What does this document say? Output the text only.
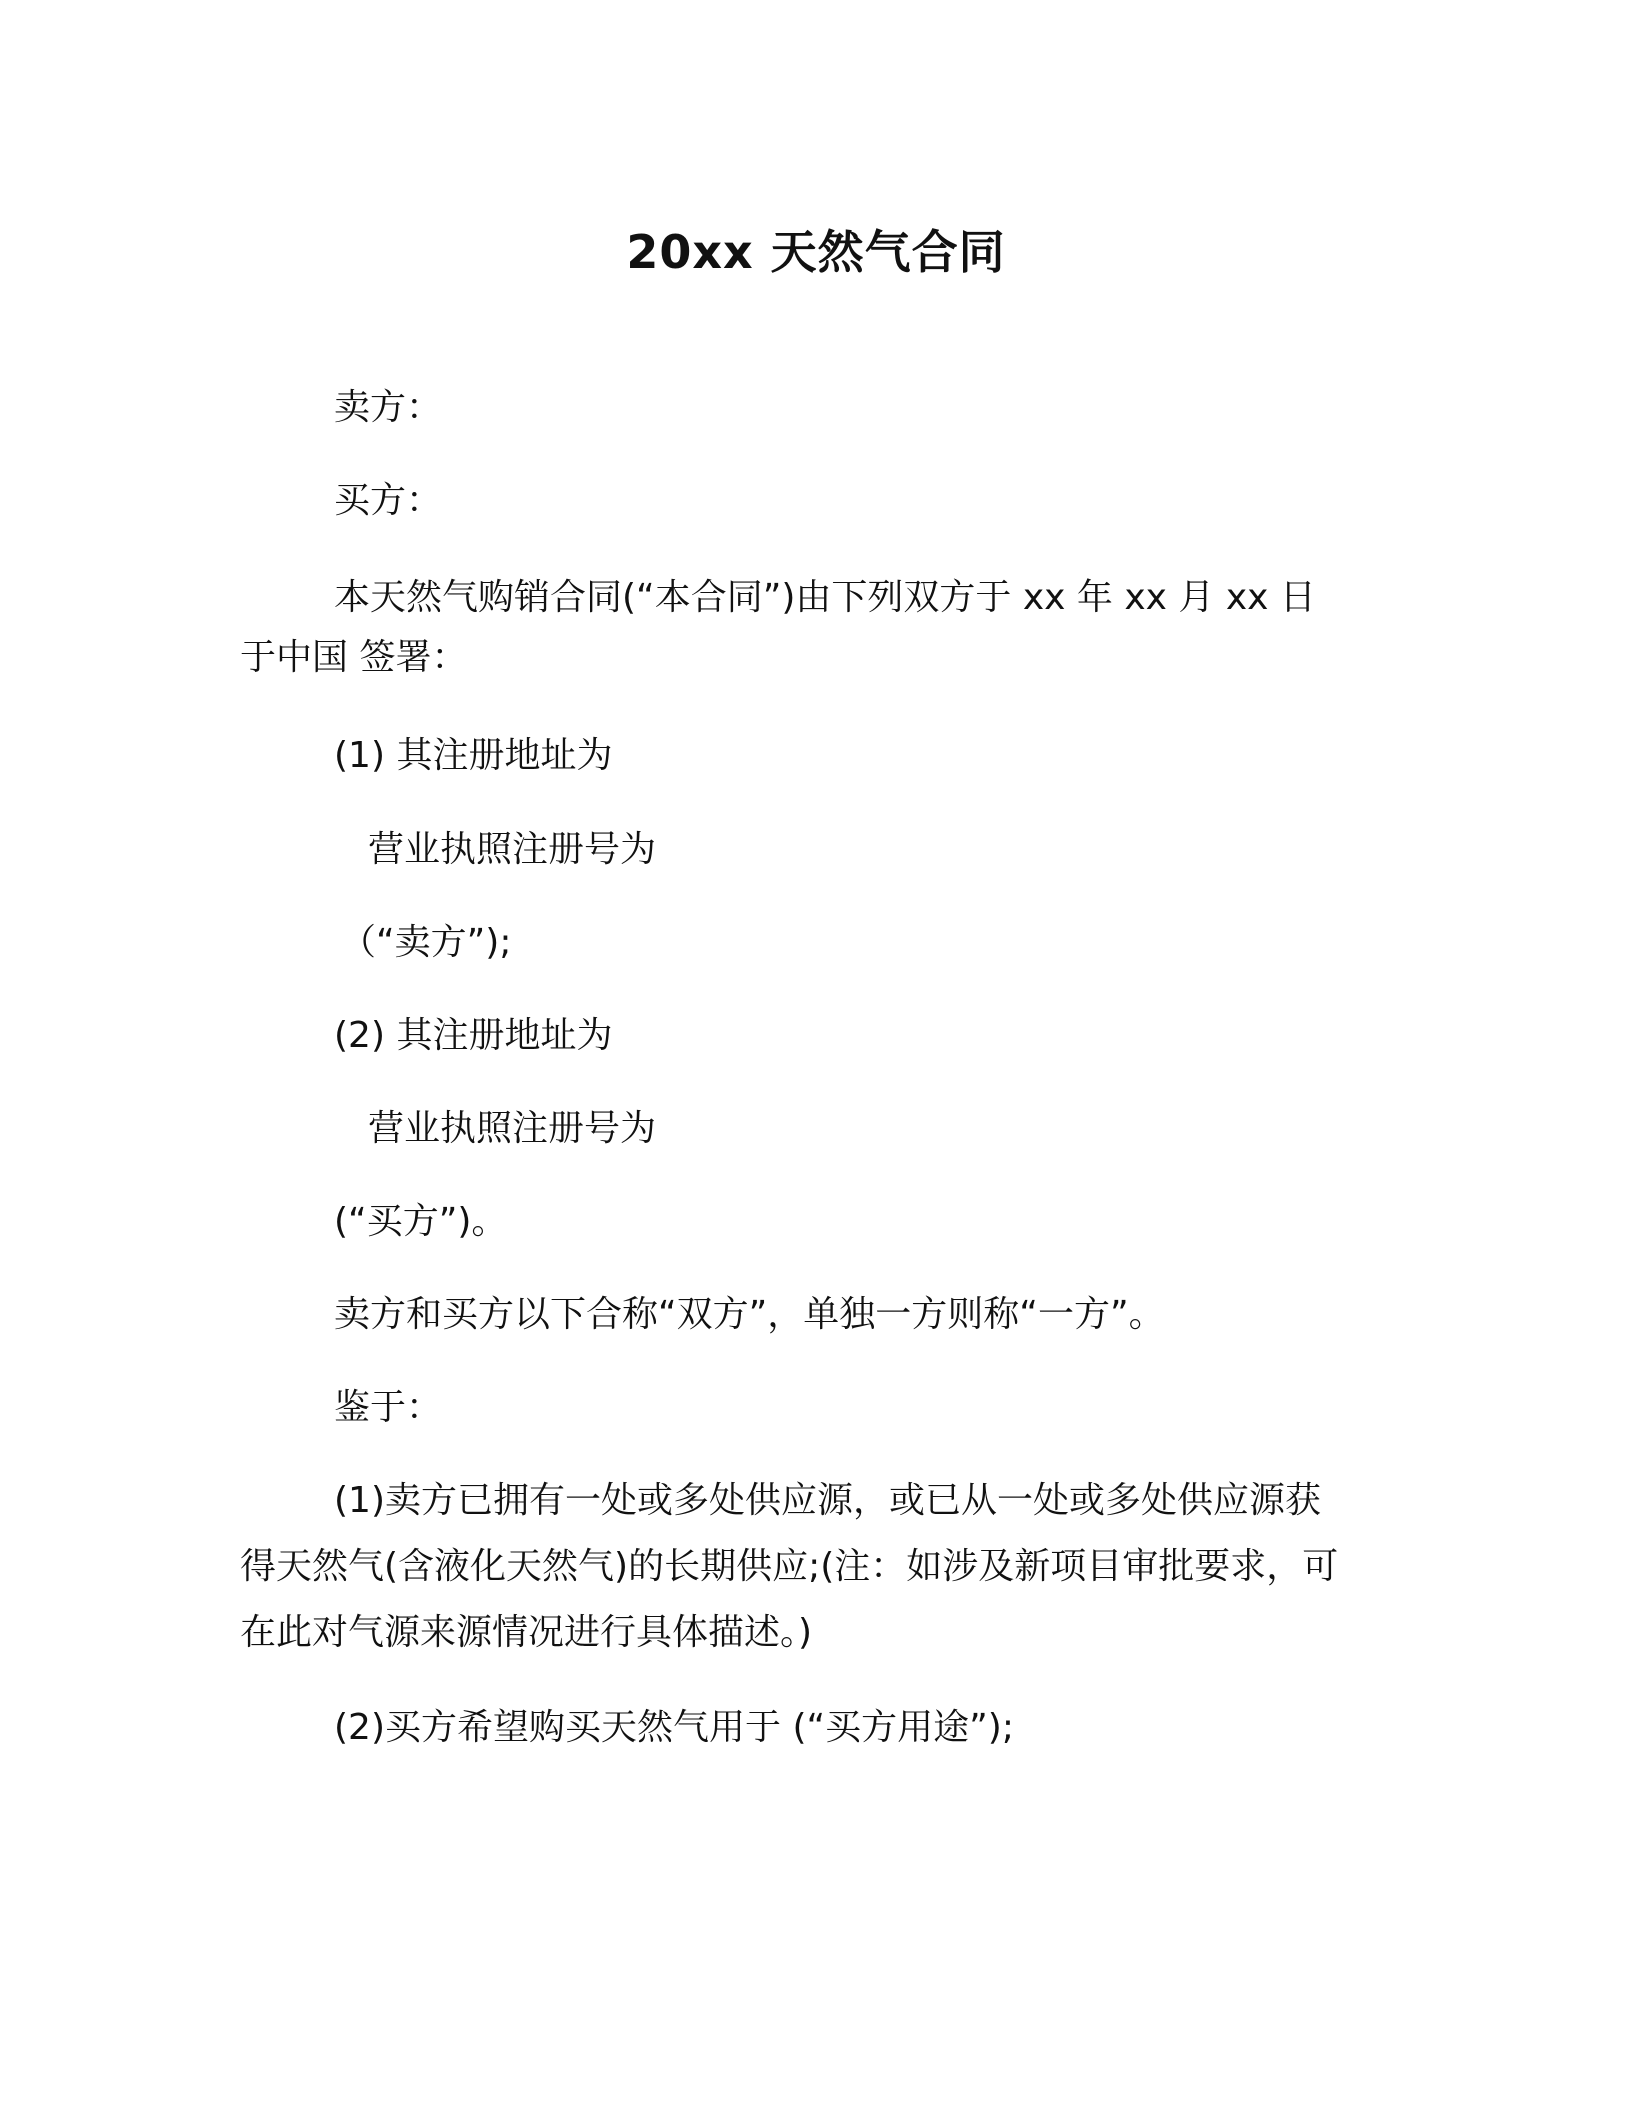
20xx 天然气合同
卖方：
买方：
本天然气购销合同(“本合同”)由下列双方于 xx 年 xx 月 xx 日
于中国 签署：
(1) 其注册地址为
营业执照注册号为
（“卖方”);
(2) 其注册地址为
营业执照注册号为
(“买方”)。
卖方和买方以下合称“双方”，单独一方则称“一方”。
鉴于：
(1)卖方已拥有一处或多处供应源，或已从一处或多处供应源获
得天然气(含液化天然气)的长期供应;(注：如涉及新项目审批要求，可
在此对气源来源情况进行具体描述。)
(2)买方希望购买天然气用于 (“买方用途”);
